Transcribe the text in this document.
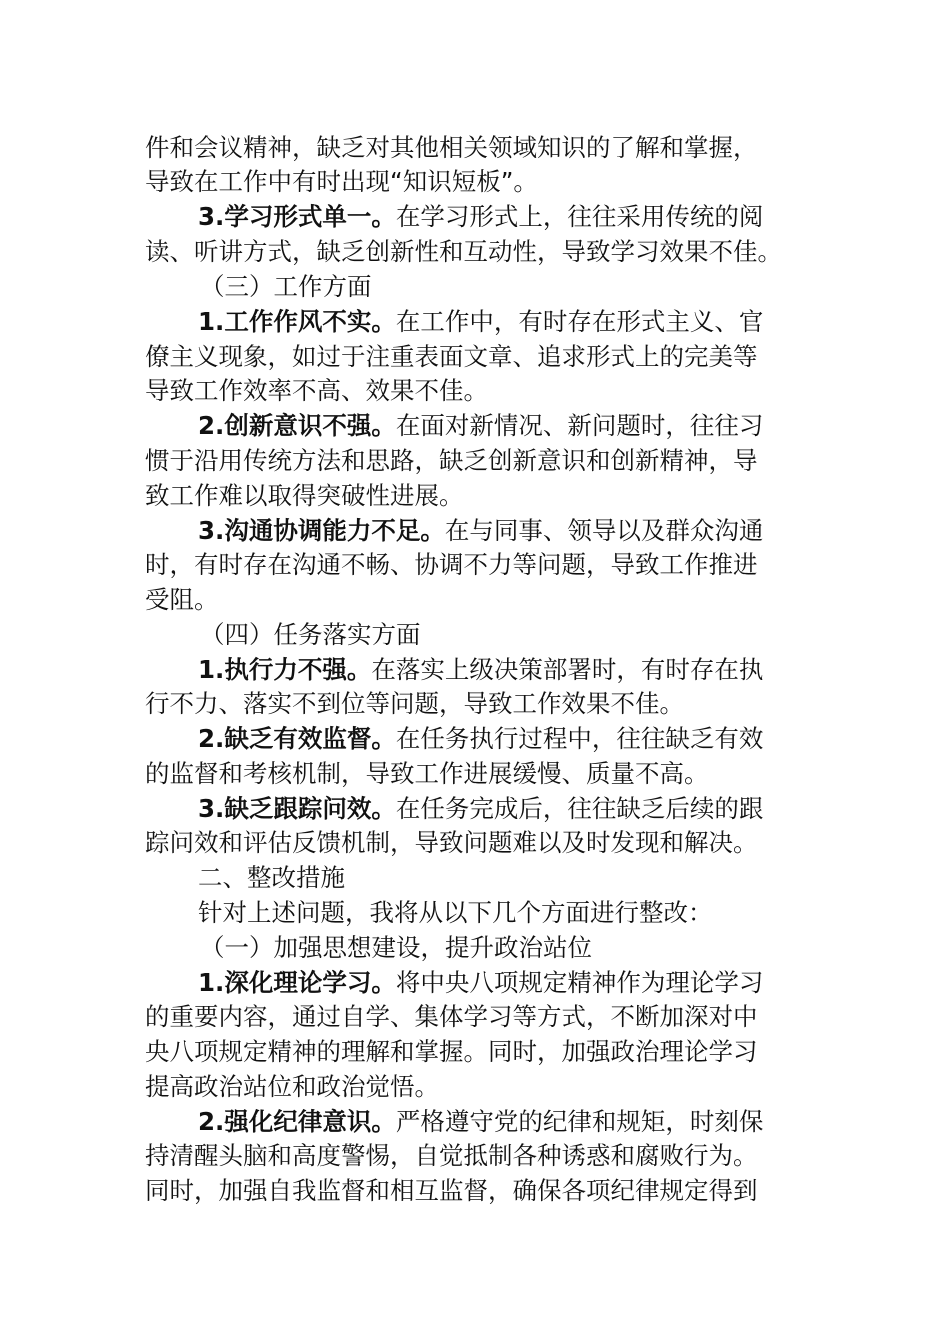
件和会议精神，缺乏对其他相关领域知识的了解和掌握，
导致在工作中有时出现“知识短板”。
3.学习形式单一。在学习形式上，往往采用传统的阅
读、听讲方式，缺乏创新性和互动性，导致学习效果不佳。
（三）工作方面
1.工作作风不实。在工作中，有时存在形式主义、官
僚主义现象，如过于注重表面文章、追求形式上的完美等
导致工作效率不高、效果不佳。
2.创新意识不强。在面对新情况、新问题时，往往习
惯于沿用传统方法和思路，缺乏创新意识和创新精神，导
致工作难以取得突破性进展。
3.沟通协调能力不足。在与同事、领导以及群众沟通
时，有时存在沟通不畅、协调不力等问题，导致工作推进
受阻。
（四）任务落实方面
1.执行力不强。在落实上级决策部署时，有时存在执
行不力、落实不到位等问题，导致工作效果不佳。
2.缺乏有效监督。在任务执行过程中，往往缺乏有效
的监督和考核机制，导致工作进展缓慢、质量不高。
3.缺乏跟踪问效。在任务完成后，往往缺乏后续的跟
踪问效和评估反馈机制，导致问题难以及时发现和解决。
二、整改措施
针对上述问题，我将从以下几个方面进行整改：
（一）加强思想建设，提升政治站位
1.深化理论学习。将中央八项规定精神作为理论学习
的重要内容，通过自学、集体学习等方式，不断加深对中
央八项规定精神的理解和掌握。同时，加强政治理论学习
提高政治站位和政治觉悟。
2.强化纪律意识。严格遵守党的纪律和规矩，时刻保
持清醒头脑和高度警惕，自觉抵制各种诱惑和腐败行为。
同时，加强自我监督和相互监督，确保各项纪律规定得到
